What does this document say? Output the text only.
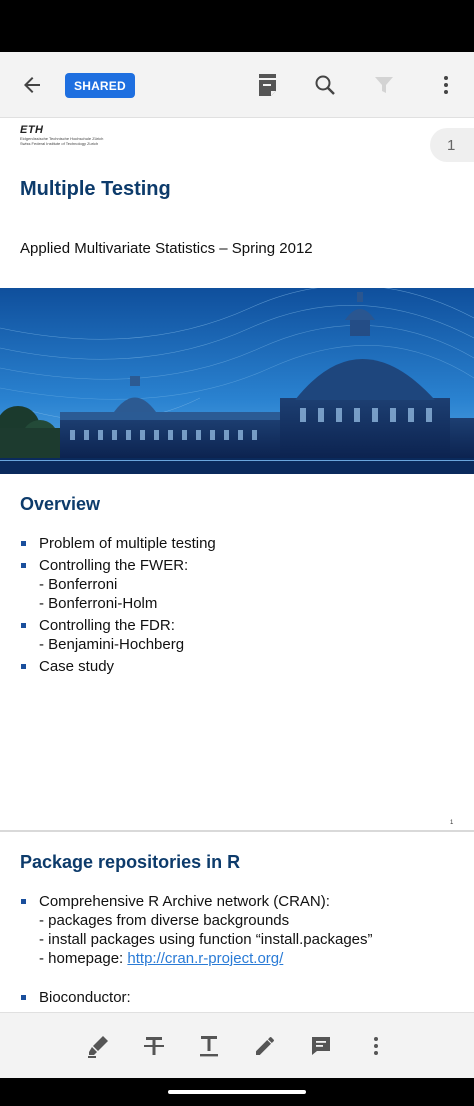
SHARED
ETH
Eidgenössische Technische Hochschule Zürich
Swiss Federal Institute of Technology Zurich	1
Multiple Testing
Applied Multivariate Statistics – Spring 2012
Overview
Problem of multiple testing
Controlling the FWER:
- Bonferroni
- Bonferroni-Holm
Controlling the FDR:
- Benjamini-Hochberg
Case study
1
Package repositories in R
Comprehensive R Archive network (CRAN):
- packages from diverse backgrounds
- install packages using function “install.packages”
- homepage: http://cran.r-project.org/
Bioconductor:
